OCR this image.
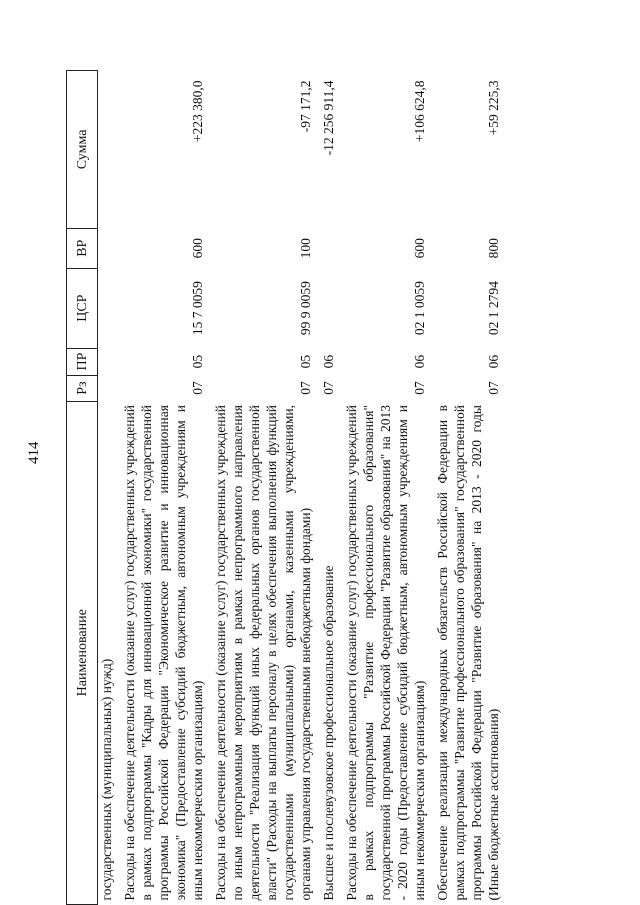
414
Наименование	Рз	ПР	ЦСР	ВР	Сумма
государственных (муниципальных) нужд)					
Расходы на обеспечение деятельности (оказание услуг) государственных учреждений в рамках подпрограммы "Кадры для инновационной экономики" государственной программы Российской Федерации "Экономическое развитие и инновационная экономика" (Предоставление субсидий бюджетным, автономным учреждениям и иным некоммерческим организациям)	07	05	15 7 0059	600	+223 380,0
Расходы на обеспечение деятельности (оказание услуг) государственных учреждений по иным непрограммным мероприятиям в рамках непрограммного направления деятельности "Реализация функций иных федеральных органов государственной власти" (Расходы на выплаты персоналу в целях обеспечения выполнения функций государственными (муниципальными) органами, казенными учреждениями, органами управления государственными внебюджетными фондами)	07	05	99 9 0059	100	-97 171,2
Высшее и послевузовское профессиональное образование	07	06			-12 256 911,4
Расходы на обеспечение деятельности (оказание услуг) государственных учреждений в рамках подпрограммы "Развитие профессионального образования" государственной программы Российской Федерации "Развитие образования" на 2013 - 2020 годы (Предоставление субсидий бюджетным, автономным учреждениям и иным некоммерческим организациям)	07	06	02 1 0059	600	+106 624,8
Обеспечение реализации международных обязательств Российской Федерации в рамках подпрограммы "Развитие профессионального образования" государственной программы Российской Федерации "Развитие образования" на 2013 - 2020 годы (Иные бюджетные ассигнования)	07	06	02 1 2794	800	+59 225,3
